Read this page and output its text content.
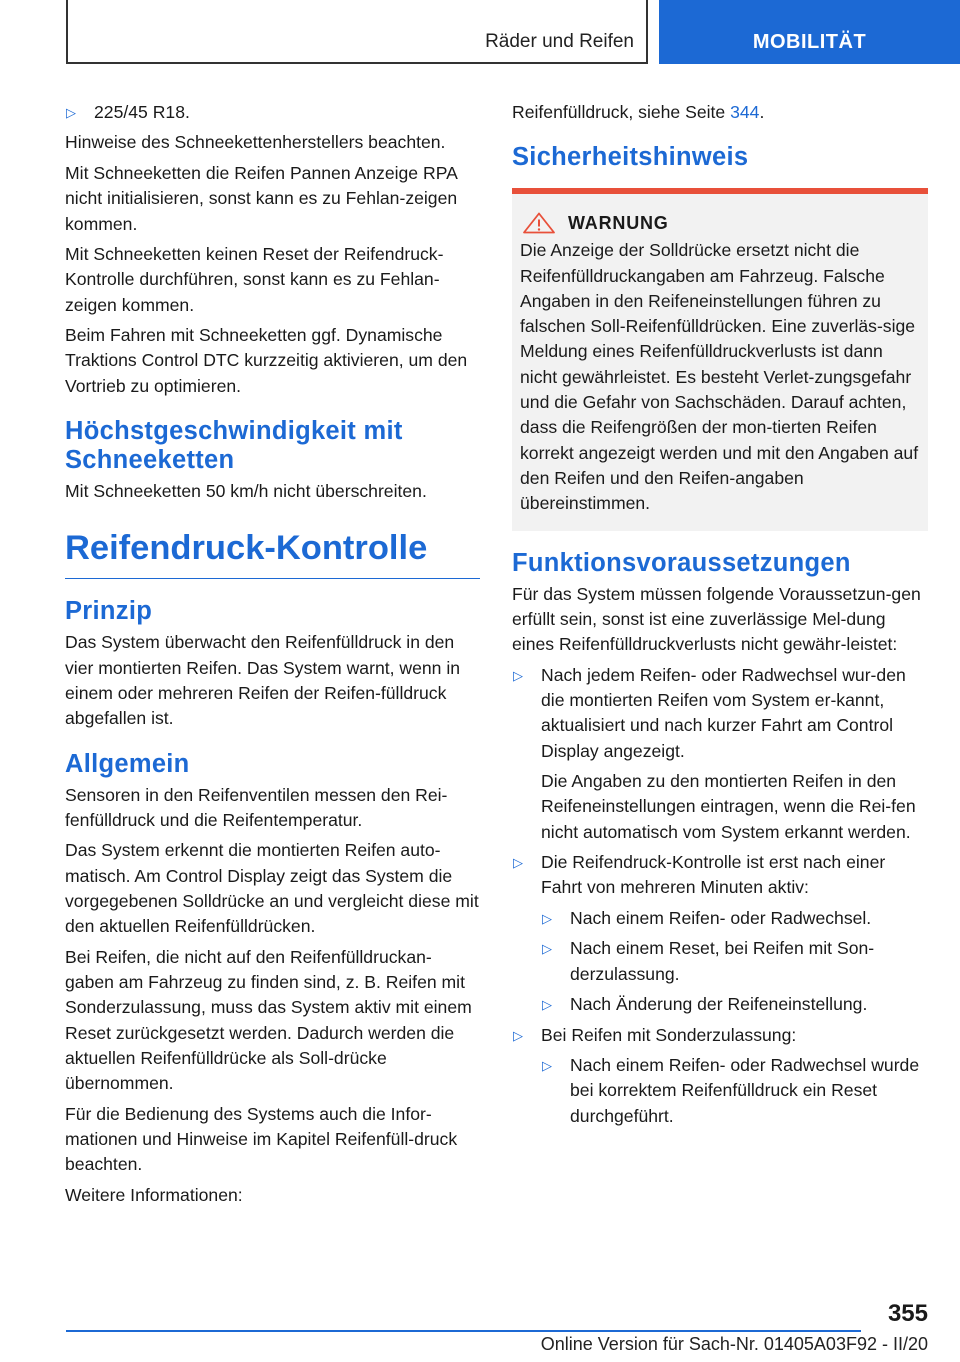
Räder und Reifen	MOBILITÄT

▷ 225/45 R18.

Hinweise des Schneekettenherstellers beachten.

Mit Schneeketten die Reifen Pannen Anzeige RPA nicht initialisieren, sonst kann es zu Fehlan-zeigen kommen.

Mit Schneeketten keinen Reset der Reifendruck-Kontrolle durchführen, sonst kann es zu Fehlan-zeigen kommen.

Beim Fahren mit Schneeketten ggf. Dynamische Traktions Control DTC kurzzeitig aktivieren, um den Vortrieb zu optimieren.

Höchstgeschwindigkeit mit Schneeketten

Mit Schneeketten 50 km/h nicht überschreiten.

Reifendruck-Kontrolle
Prinzip

Das System überwacht den Reifenfülldruck in den vier montierten Reifen. Das System warnt, wenn in einem oder mehreren Reifen der Reifen-fülldruck abgefallen ist.

Allgemein

Sensoren in den Reifenventilen messen den Rei-fenfülldruck und die Reifentemperatur.

Das System erkennt die montierten Reifen auto-matisch. Am Control Display zeigt das System die vorgegebenen Solldrücke an und vergleicht diese mit den aktuellen Reifenfülldrücken.

Bei Reifen, die nicht auf den Reifenfülldruckan-gaben am Fahrzeug zu finden sind, z. B. Reifen mit Sonderzulassung, muss das System aktiv mit einem Reset zurückgesetzt werden. Dadurch werden die aktuellen Reifenfülldrücke als Soll-drücke übernommen.

Für die Bedienung des Systems auch die Infor-mationen und Hinweise im Kapitel Reifenfüll-druck beachten.

Weitere Informationen:

Reifenfülldruck, siehe Seite 344.

Sicherheitshinweis
WARNUNG

Die Anzeige der Solldrücke ersetzt nicht die Reifenfülldruckangaben am Fahrzeug. Falsche Angaben in den Reifeneinstellungen führen zu falschen Soll-Reifenfülldrücken. Eine zuverläs-sige Meldung eines Reifenfülldruckverlusts ist dann nicht gewährleistet. Es besteht Verlet-zungsgefahr und die Gefahr von Sachschäden. Darauf achten, dass die Reifengrößen der mon-tierten Reifen korrekt angezeigt werden und mit den Angaben auf den Reifen und den Reifen-angaben übereinstimmen.

Funktionsvoraussetzungen

Für das System müssen folgende Voraussetzun-gen erfüllt sein, sonst ist eine zuverlässige Mel-dung eines Reifenfülldruckverlusts nicht gewähr-leistet:

▷ Nach jedem Reifen- oder Radwechsel wur-den die montierten Reifen vom System er-kannt, aktualisiert und nach kurzer Fahrt am Control Display angezeigt.

Die Angaben zu den montierten Reifen in den Reifeneinstellungen eintragen, wenn die Rei-fen nicht automatisch vom System erkannt werden.

▷ Die Reifendruck-Kontrolle ist erst nach einer Fahrt von mehreren Minuten aktiv:

▷ Nach einem Reifen- oder Radwechsel.

▷ Nach einem Reset, bei Reifen mit Son-derzulassung.

▷ Nach Änderung der Reifeneinstellung.

▷ Bei Reifen mit Sonderzulassung:

▷ Nach einem Reifen- oder Radwechsel wurde bei korrektem Reifenfülldruck ein Reset durchgeführt.

355
Online Version für Sach-Nr. 01405A03F92 - II/20
